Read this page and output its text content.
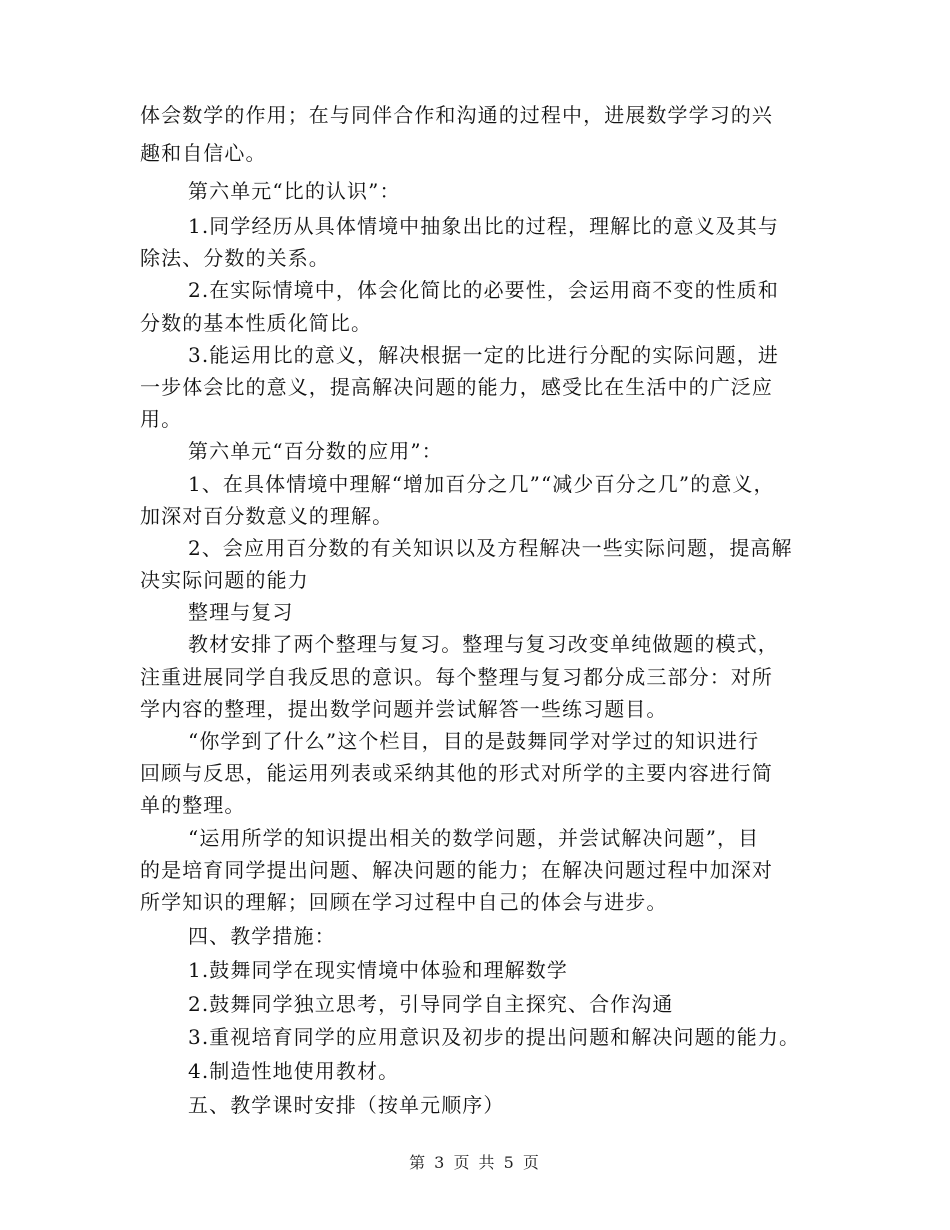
体会数学的作用；在与同伴合作和沟通的过程中，进展数学学习的兴
趣和自信心。
第六单元“比的认识”：
1.同学经历从具体情境中抽象出比的过程，理解比的意义及其与
除法、分数的关系。
2.在实际情境中，体会化简比的必要性，会运用商不变的性质和
分数的基本性质化简比。
3.能运用比的意义，解决根据一定的比进行分配的实际问题，进
一步体会比的意义，提高解决问题的能力，感受比在生活中的广泛应
用。
第六单元“百分数的应用”：
1、在具体情境中理解“增加百分之几”“减少百分之几”的意义，
加深对百分数意义的理解。
2、会应用百分数的有关知识以及方程解决一些实际问题，提高解
决实际问题的能力
整理与复习
教材安排了两个整理与复习。整理与复习改变单纯做题的模式，
注重进展同学自我反思的意识。每个整理与复习都分成三部分：对所
学内容的整理，提出数学问题并尝试解答一些练习题目。
“你学到了什么”这个栏目，目的是鼓舞同学对学过的知识进行
回顾与反思，能运用列表或采纳其他的形式对所学的主要内容进行简
单的整理。
“运用所学的知识提出相关的数学问题，并尝试解决问题”，目
的是培育同学提出问题、解决问题的能力；在解决问题过程中加深对
所学知识的理解；回顾在学习过程中自己的体会与进步。
四、教学措施：
1.鼓舞同学在现实情境中体验和理解数学
2.鼓舞同学独立思考，引导同学自主探究、合作沟通
3.重视培育同学的应用意识及初步的提出问题和解决问题的能力。
4.制造性地使用教材。
五、教学课时安排（按单元顺序）
第 3 页 共 5 页
